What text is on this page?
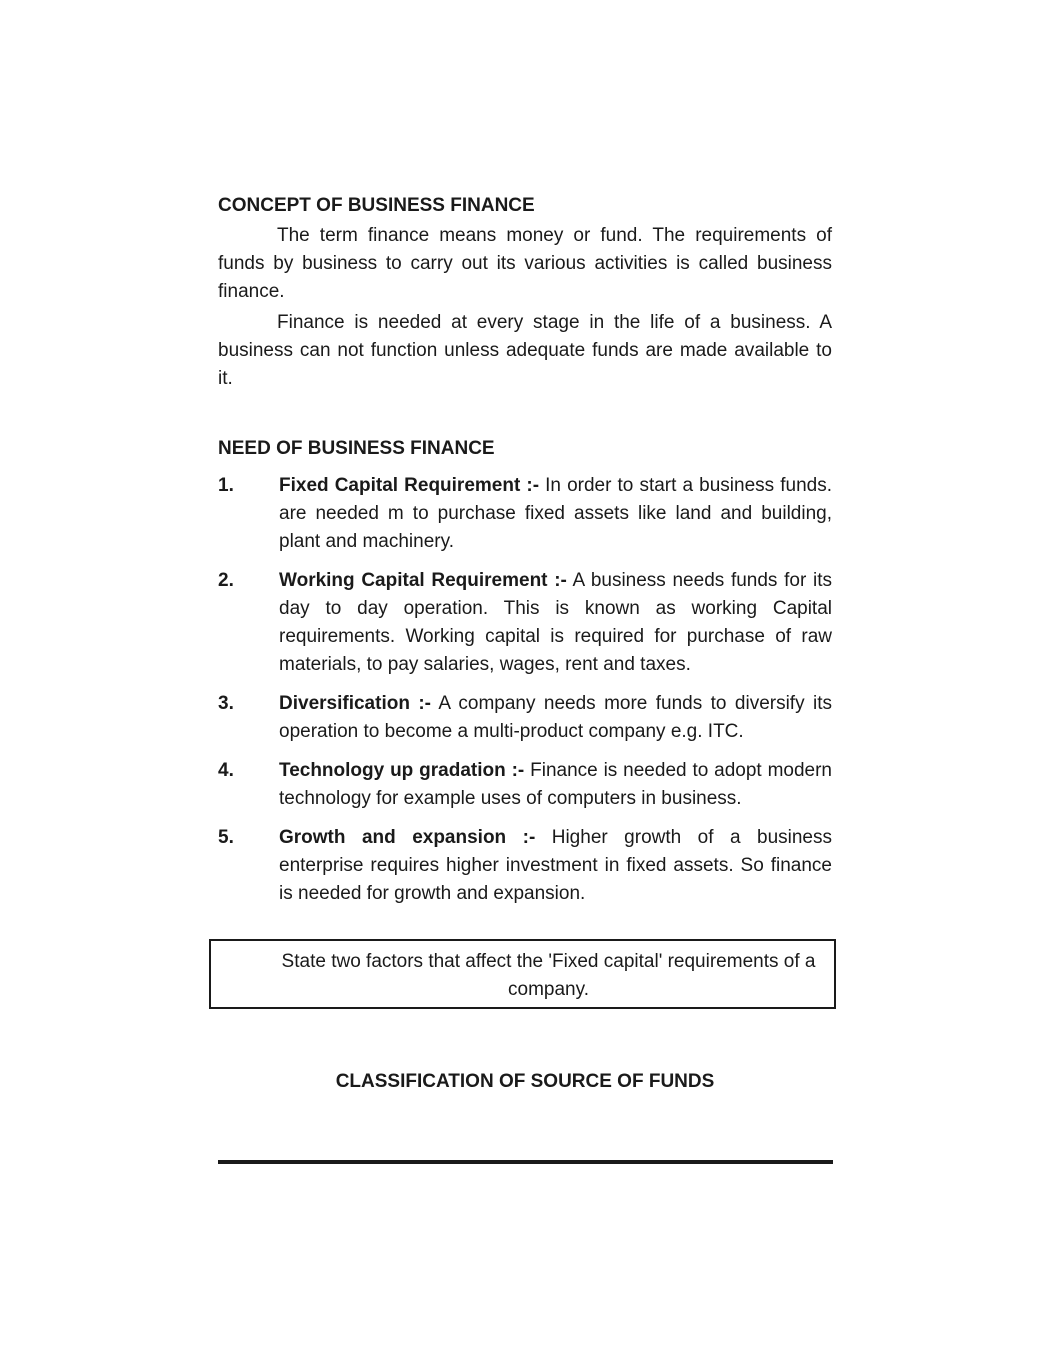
CONCEPT OF BUSINESS FINANCE

The term finance means money or fund. The requirements of funds by business to carry out its various activities is called business finance.

Finance is needed at every stage in the life of a business. A business can not function unless adequate funds are made available to it.

NEED OF BUSINESS FINANCE
1. Fixed Capital Requirement :- In order to start a business funds. are needed m to purchase fixed assets like land and building, plant and machinery.
2. Working Capital Requirement :- A business needs funds for its day to day operation. This is known as working Capital requirements. Working capital is required for purchase of raw materials, to pay salaries, wages, rent and taxes.
3. Diversification :- A company needs more funds to diversify its operation to become a multi-product company e.g. ITC.
4. Technology up gradation :- Finance is needed to adopt modern technology for example uses of computers in business.
5. Growth and expansion :- Higher growth of a business enterprise requires higher investment in fixed assets. So finance is needed for growth and expansion.
State two factors that affect the 'Fixed capital' requirements of a company.
CLASSIFICATION OF SOURCE OF FUNDS
